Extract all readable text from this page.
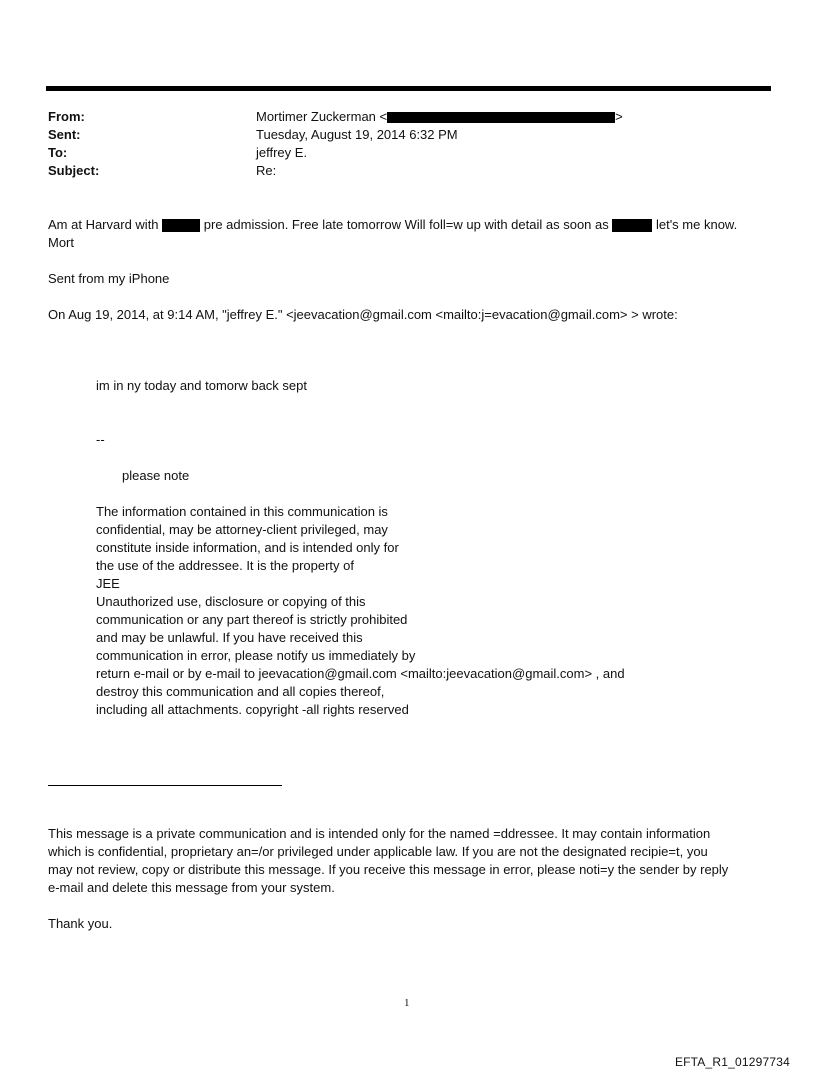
From:	Mortimer Zuckerman <	>
Sent:	Tuesday, August 19, 2014 6:32 PM
To:	jeffrey E.
Subject:	Re:
Am at Harvard with	pre admission. Free late tomorrow Will foll=w up with detail as soon as	let's me know.
Mort
Sent from my iPhone
On Aug 19, 2014, at 9:14 AM, "jeffrey E." <jeevacation@gmail.com <mailto:j=evacation@gmail.com> > wrote:
im in ny today and tomorw back sept
--
please note
The information contained in this communication is
confidential, may be attorney-client privileged, may
constitute inside information, and is intended only for
the use of the addressee. It is the property of
JEE
Unauthorized use, disclosure or copying of this
communication or any part thereof is strictly prohibited
and may be unlawful. If you have received this
communication in error, please notify us immediately by
return e-mail or by e-mail to jeevacation@gmail.com <mailto:jeevacation@gmail.com> , and
destroy this communication and all copies thereof,
including all attachments. copyright -all rights reserved
This message is a private communication and is intended only for the named =ddressee. It may contain information
which is confidential, proprietary an=/or privileged under applicable law. If you are not the designated recipie=t, you
may not review, copy or distribute this message. If you receive this message in error, please noti=y the sender by reply
e-mail and delete this message from your system.
Thank you.
1
EFTA_R1_01297734
